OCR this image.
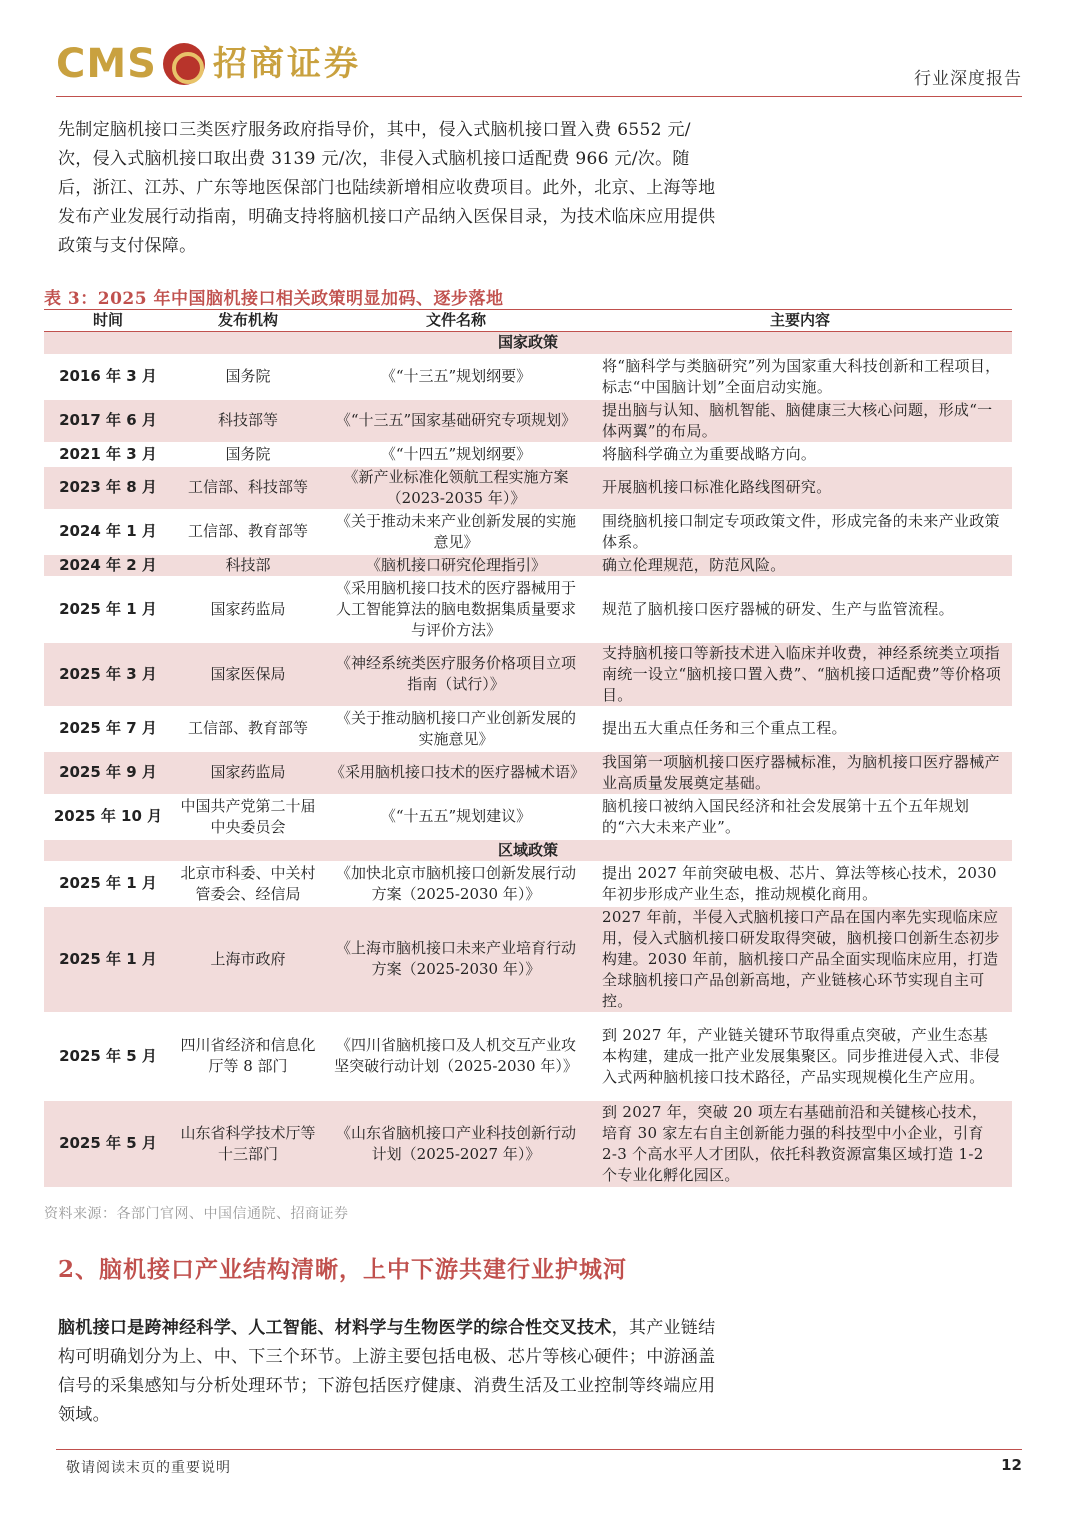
CMS 招商证券	行业深度报告

先制定脑机接口三类医疗服务政府指导价，其中，侵入式脑机接口置入费 6552 元/次，侵入式脑机接口取出费 3139 元/次，非侵入式脑机接口适配费 966 元/次。随后，浙江、江苏、广东等地医保部门也陆续新增相应收费项目。此外，北京、上海等地发布产业发展行动指南，明确支持将脑机接口产品纳入医保目录，为技术临床应用提供政策与支付保障。

表 3：2025 年中国脑机接口相关政策明显加码、逐步落地
时间	发布机构	文件名称	主要内容
国家政策			
2016 年 3 月	国务院	《“十三五”规划纲要》	将“脑科学与类脑研究”列为国家重大科技创新和工程项目，标志“中国脑计划”全面启动实施。
2017 年 6 月	科技部等	《“十三五”国家基础研究专项规划》	提出脑与认知、脑机智能、脑健康三大核心问题，形成“一体两翼”的布局。
2021 年 3 月	国务院	《“十四五”规划纲要》	将脑科学确立为重要战略方向。
2023 年 8 月	工信部、科技部等	《新产业标准化领航工程实施方案（2023-2035 年）》	开展脑机接口标准化路线图研究。
2024 年 1 月	工信部、教育部等	《关于推动未来产业创新发展的实施意见》	围绕脑机接口制定专项政策文件，形成完备的未来产业政策体系。
2024 年 2 月	科技部	《脑机接口研究伦理指引》	确立伦理规范，防范风险。
2025 年 1 月	国家药监局	《采用脑机接口技术的医疗器械用于人工智能算法的脑电数据集质量要求与评价方法》	规范了脑机接口医疗器械的研发、生产与监管流程。
2025 年 3 月	国家医保局	《神经系统类医疗服务价格项目立项指南（试行）》	支持脑机接口等新技术进入临床并收费，神经系统类立项指南统一设立“脑机接口置入费”、“脑机接口适配费”等价格项目。
2025 年 7 月	工信部、教育部等	《关于推动脑机接口产业创新发展的实施意见》	提出五大重点任务和三个重点工程。
2025 年 9 月	国家药监局	《采用脑机接口技术的医疗器械术语》	我国第一项脑机接口医疗器械标准，为脑机接口医疗器械产业高质量发展奠定基础。
2025 年 10 月	中国共产党第二十届中央委员会	《“十五五”规划建议》	脑机接口被纳入国民经济和社会发展第十五个五年规划的“六大未来产业”。
区域政策			
2025 年 1 月	北京市科委、中关村管委会、经信局	《加快北京市脑机接口创新发展行动方案（2025-2030 年）》	提出 2027 年前突破电极、芯片、算法等核心技术，2030 年初步形成产业生态，推动规模化商用。
2025 年 1 月	上海市政府	《上海市脑机接口未来产业培育行动方案（2025-2030 年）》	2027 年前，半侵入式脑机接口产品在国内率先实现临床应用，侵入式脑机接口研发取得突破，脑机接口创新生态初步构建。2030 年前，脑机接口产品全面实现临床应用，打造全球脑机接口产品创新高地，产业链核心环节实现自主可控。
2025 年 5 月	四川省经济和信息化厅等 8 部门	《四川省脑机接口及人机交互产业攻坚突破行动计划（2025-2030 年）》	到 2027 年，产业链关键环节取得重点突破，产业生态基本构建，建成一批产业发展集聚区。同步推进侵入式、非侵入式两种脑机接口技术路径，产品实现规模化生产应用。
2025 年 5 月	山东省科学技术厅等十三部门	《山东省脑机接口产业科技创新行动计划（2025-2027 年）》	到 2027 年，突破 20 项左右基础前沿和关键核心技术，培育 30 家左右自主创新能力强的科技型中小企业，引育 2-3 个高水平人才团队，依托科教资源富集区域打造 1-2 个专业化孵化园区。
资料来源：各部门官网、中国信通院、招商证券
2、脑机接口产业结构清晰，上中下游共建行业护城河

脑机接口是跨神经科学、人工智能、材料学与生物医学的综合性交叉技术，其产业链结构可明确划分为上、中、下三个环节。上游主要包括电极、芯片等核心硬件；中游涵盖信号的采集感知与分析处理环节；下游包括医疗健康、消费生活及工业控制等终端应用领域。

敬请阅读末页的重要说明	12
